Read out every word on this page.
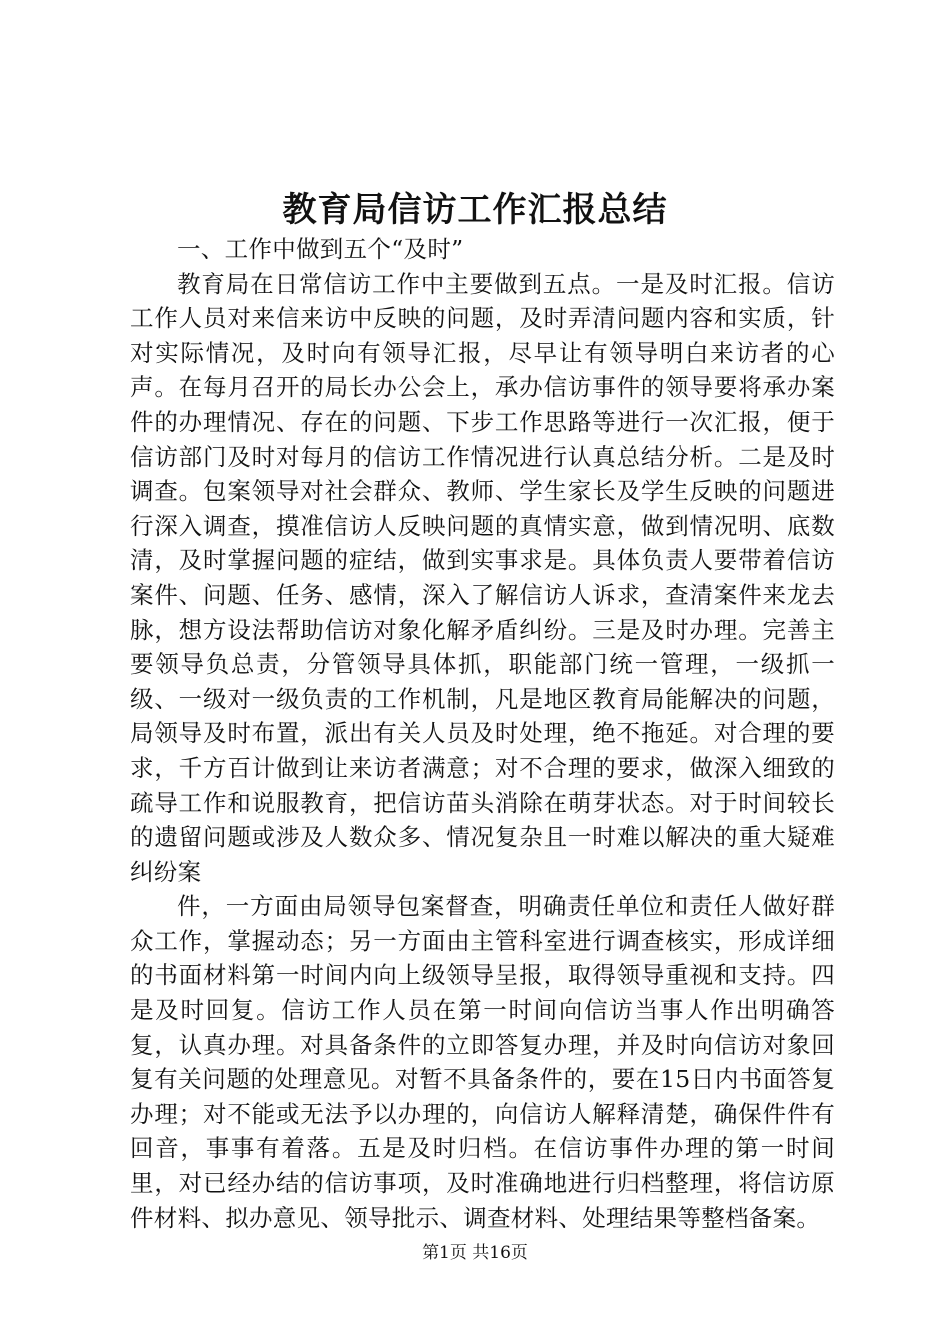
教育局信访工作汇报总结

一、工作中做到五个“及时”

教育局在日常信访工作中主要做到五点。一是及时汇报。信访工作人员对来信来访中反映的问题，及时弄清问题内容和实质，针对实际情况，及时向有领导汇报，尽早让有领导明白来访者的心声。在每月召开的局长办公会上，承办信访事件的领导要将承办案件的办理情况、存在的问题、下步工作思路等进行一次汇报，便于信访部门及时对每月的信访工作情况进行认真总结分析。二是及时调查。包案领导对社会群众、教师、学生家长及学生反映的问题进行深入调查，摸准信访人反映问题的真情实意，做到情况明、底数清，及时掌握问题的症结，做到实事求是。具体负责人要带着信访案件、问题、任务、感情，深入了解信访人诉求，查清案件来龙去脉，想方设法帮助信访对象化解矛盾纠纷。三是及时办理。完善主要领导负总责，分管领导具体抓，职能部门统一管理，一级抓一级、一级对一级负责的工作机制，凡是地区教育局能解决的问题，局领导及时布置，派出有关人员及时处理，绝不拖延。对合理的要求，千方百计做到让来访者满意；对不合理的要求，做深入细致的疏导工作和说服教育，把信访苗头消除在萌芽状态。对于时间较长的遗留问题或涉及人数众多、情况复杂且一时难以解决的重大疑难纠纷案

件，一方面由局领导包案督查，明确责任单位和责任人做好群众工作，掌握动态；另一方面由主管科室进行调查核实，形成详细的书面材料第一时间内向上级领导呈报，取得领导重视和支持。四是及时回复。信访工作人员在第一时间向信访当事人作出明确答复，认真办理。对具备条件的立即答复办理，并及时向信访对象回复有关问题的处理意见。对暂不具备条件的，要在15日内书面答复办理；对不能或无法予以办理的，向信访人解释清楚，确保件件有回音，事事有着落。五是及时归档。在信访事件办理的第一时间里，对已经办结的信访事项，及时准确地进行归档整理，将信访原件材料、拟办意见、领导批示、调查材料、处理结果等整档备案。

第1页 共16页
